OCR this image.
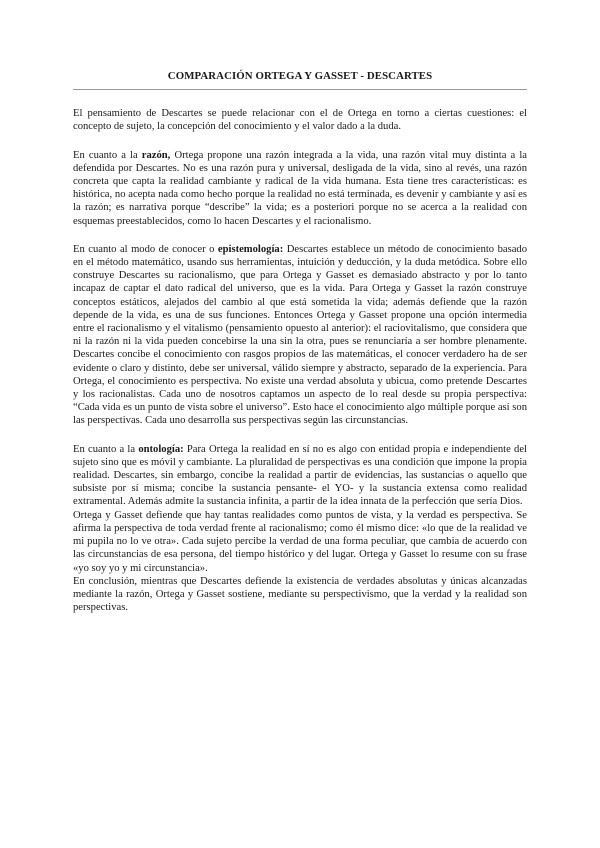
COMPARACIÓN ORTEGA Y GASSET - DESCARTES

El pensamiento de Descartes se puede relacionar con el de Ortega en torno a ciertas cuestiones: el concepto de sujeto, la concepción del conocimiento y el valor dado a la duda.

En cuanto a la razón, Ortega propone una razón integrada a la vida, una razón vital muy distinta a la defendida por Descartes. No es una razón pura y universal, desligada de la vida, sino al revés, una razón concreta que capta la realidad cambiante y radical de la vida humana. Esta tiene tres características: es histórica, no acepta nada como hecho porque la realidad no está terminada, es devenir y cambiante y así es la razón; es narrativa porque “describe” la vida; es a posteriori porque no se acerca a la realidad con esquemas preestablecidos, como lo hacen Descartes y el racionalismo.

En cuanto al modo de conocer o epistemología: Descartes establece un método de conocimiento basado en el método matemático, usando sus herramientas, intuición y deducción, y la duda metódica. Sobre ello construye Descartes su racionalismo, que para Ortega y Gasset es demasiado abstracto y por lo tanto incapaz de captar el dato radical del universo, que es la vida. Para Ortega y Gasset la razón construye conceptos estáticos, alejados del cambio al que está sometida la vida; además defiende que la razón depende de la vida, es una de sus funciones. Entonces Ortega y Gasset propone una opción intermedia entre el racionalismo y el vitalismo (pensamiento opuesto al anterior): el raciovitalismo, que considera que ni la razón ni la vida pueden concebirse la una sin la otra, pues se renunciaría a ser hombre plenamente. Descartes concibe el conocimiento con rasgos propios de las matemáticas, el conocer verdadero ha de ser evidente o claro y distinto, debe ser universal, válido siempre y abstracto, separado de la experiencia. Para Ortega, el conocimiento es perspectiva. No existe una verdad absoluta y ubicua, como pretende Descartes y los racionalistas. Cada uno de nosotros captamos un aspecto de lo real desde su propia perspectiva: “Cada vida es un punto de vista sobre el universo”. Esto hace el conocimiento algo múltiple porque así son las perspectivas. Cada uno desarrolla sus perspectivas según las circunstancias.

En cuanto a la ontología: Para Ortega la realidad en sí no es algo con entidad propia e independiente del sujeto sino que es móvil y cambiante. La pluralidad de perspectivas es una condición que impone la propia realidad. Descartes, sin embargo, concibe la realidad a partir de evidencias, las sustancias o aquello que subsiste por sí misma; concibe la sustancia pensante- el YO- y la sustancia extensa como realidad extramental. Además admite la sustancia infinita, a partir de la idea innata de la perfección que sería Dios.

Ortega y Gasset defiende que hay tantas realidades como puntos de vista, y la verdad es perspectiva. Se afirma la perspectiva de toda verdad frente al racionalismo; como él mismo dice: «lo que de la realidad ve mi pupila no lo ve otra». Cada sujeto percibe la verdad de una forma peculiar, que cambia de acuerdo con las circunstancias de esa persona, del tiempo histórico y del lugar. Ortega y Gasset lo resume con su frase «yo soy yo y mi circunstancia».

En conclusión, mientras que Descartes defiende la existencia de verdades absolutas y únicas alcanzadas mediante la razón, Ortega y Gasset sostiene, mediante su perspectivismo, que la verdad y la realidad son perspectivas.
